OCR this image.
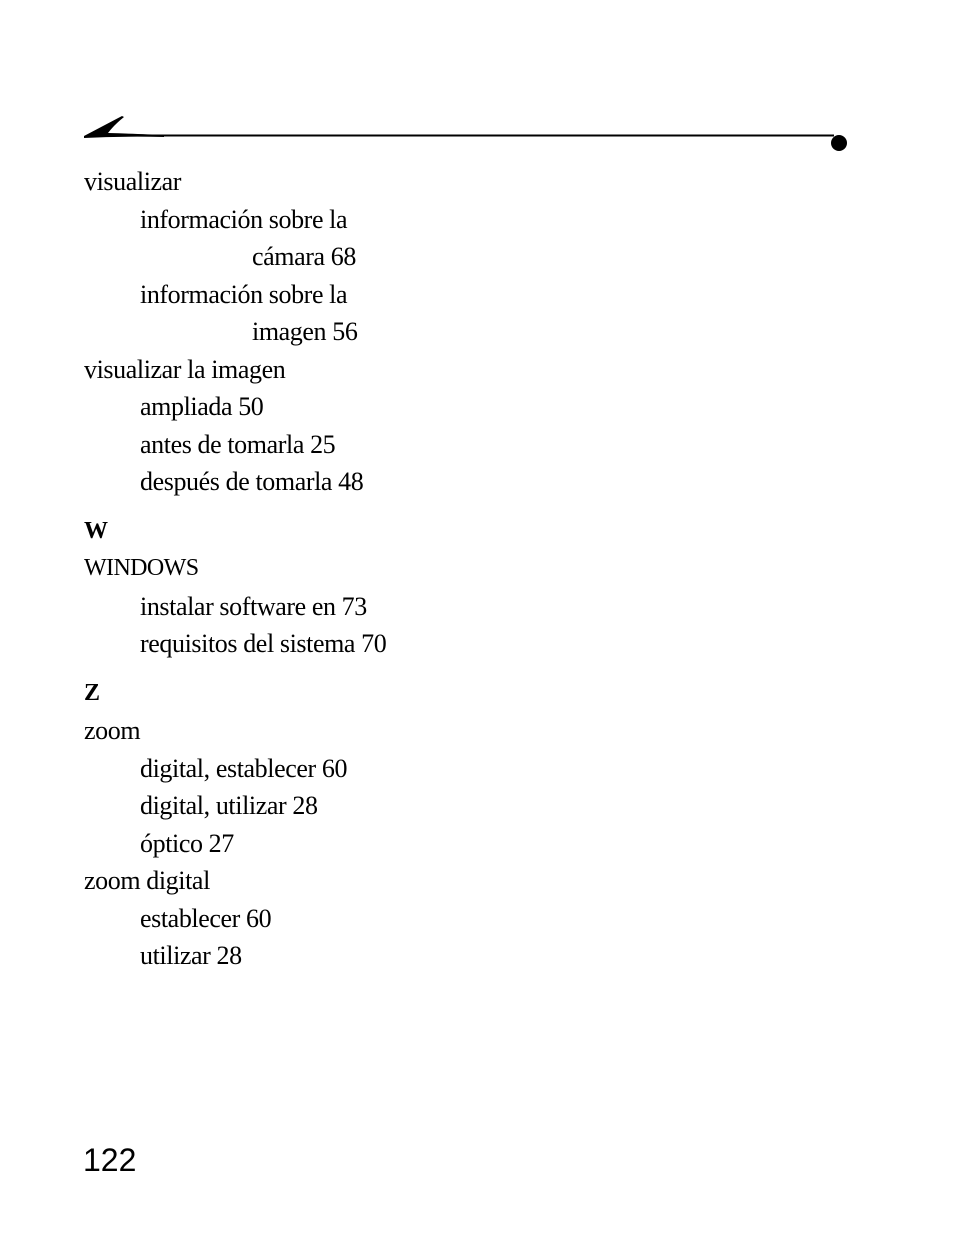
visualizar
información sobre la
cámara 68
información sobre la
imagen 56
visualizar la imagen
ampliada 50
antes de tomarla 25
después de tomarla 48
W
WINDOWS
instalar software en 73
requisitos del sistema 70
Z
zoom
digital, establecer 60
digital, utilizar 28
óptico 27
zoom digital
establecer 60
utilizar 28
122
